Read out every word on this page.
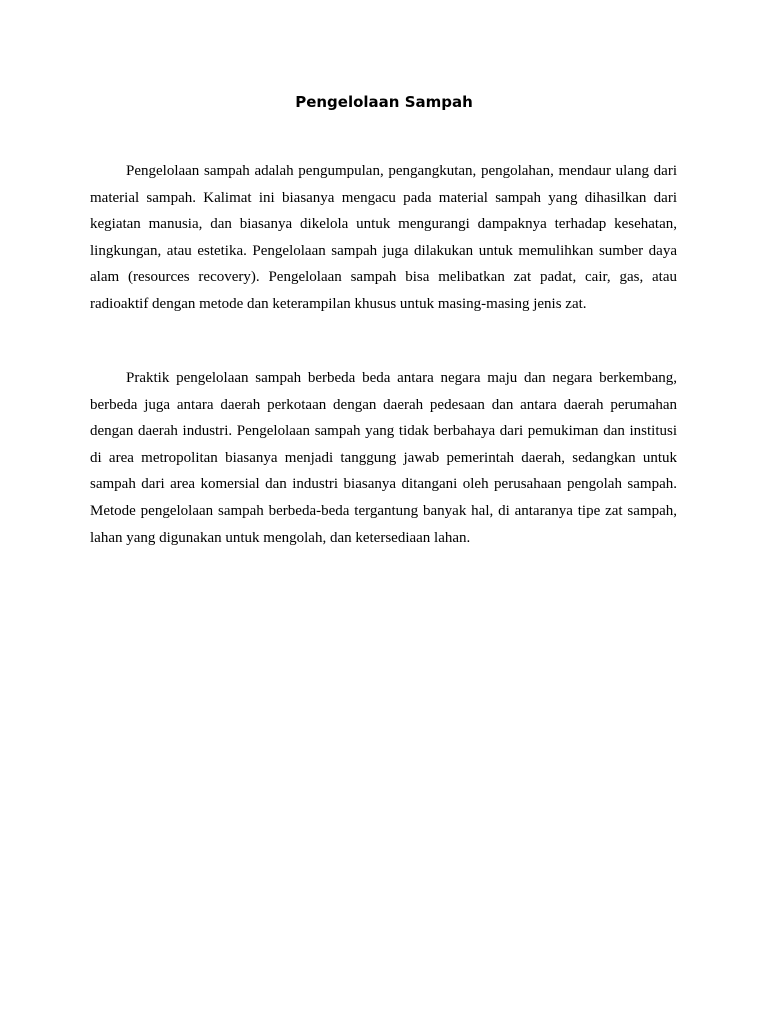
Pengelolaan Sampah

Pengelolaan sampah adalah pengumpulan, pengangkutan, pengolahan, mendaur ulang dari material sampah. Kalimat ini biasanya mengacu pada material sampah yang dihasilkan dari kegiatan manusia, dan biasanya dikelola untuk mengurangi dampaknya terhadap kesehatan, lingkungan, atau estetika. Pengelolaan sampah juga dilakukan untuk memulihkan sumber daya alam (resources recovery). Pengelolaan sampah bisa melibatkan zat padat, cair, gas, atau radioaktif dengan metode dan keterampilan khusus untuk masing-masing jenis zat.

Praktik pengelolaan sampah berbeda beda antara negara maju dan negara berkembang, berbeda juga antara daerah perkotaan dengan daerah pedesaan dan antara daerah perumahan dengan daerah industri. Pengelolaan sampah yang tidak berbahaya dari pemukiman dan institusi di area metropolitan biasanya menjadi tanggung jawab pemerintah daerah, sedangkan untuk sampah dari area komersial dan industri biasanya ditangani oleh perusahaan pengolah sampah. Metode pengelolaan sampah berbeda-beda tergantung banyak hal, di antaranya tipe zat sampah, lahan yang digunakan untuk mengolah, dan ketersediaan lahan.
